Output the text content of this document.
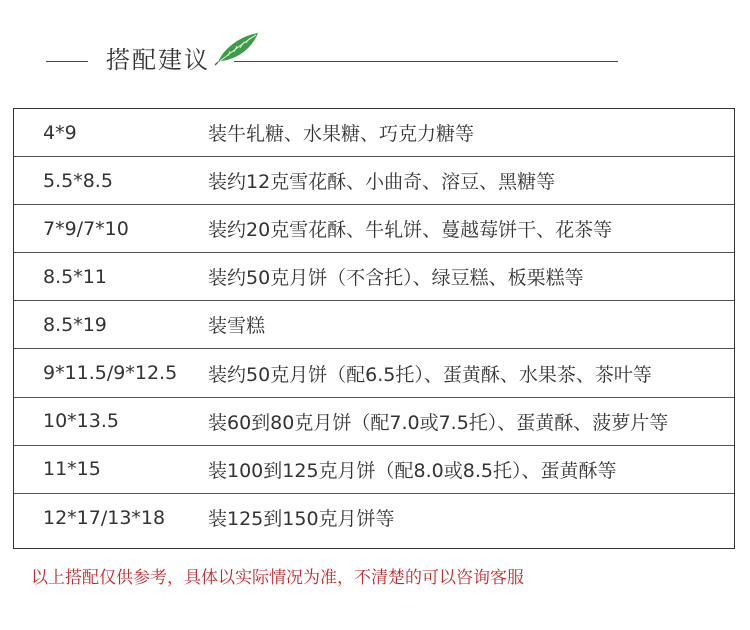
搭配建议
4*9	装牛轧糖、水果糖、巧克力糖等
5.5*8.5	装约12克雪花酥、小曲奇、溶豆、黑糖等
7*9/7*10	装约20克雪花酥、牛轧饼、蔓越莓饼干、花茶等
8.5*11	装约50克月饼（不含托）、绿豆糕、板栗糕等
8.5*19	装雪糕
9*11.5/9*12.5 装约50克月饼（配6.5托）、蛋黄酥、水果茶、茶叶等
10*13.5	装60到80克月饼（配7.0或7.5托）、蛋黄酥、菠萝片等
11*15	装100到125克月饼（配8.0或8.5托）、蛋黄酥等
12*17/13*18 装125到150克月饼等
以上搭配仅供参考，具体以实际情况为准，不清楚的可以咨询客服
